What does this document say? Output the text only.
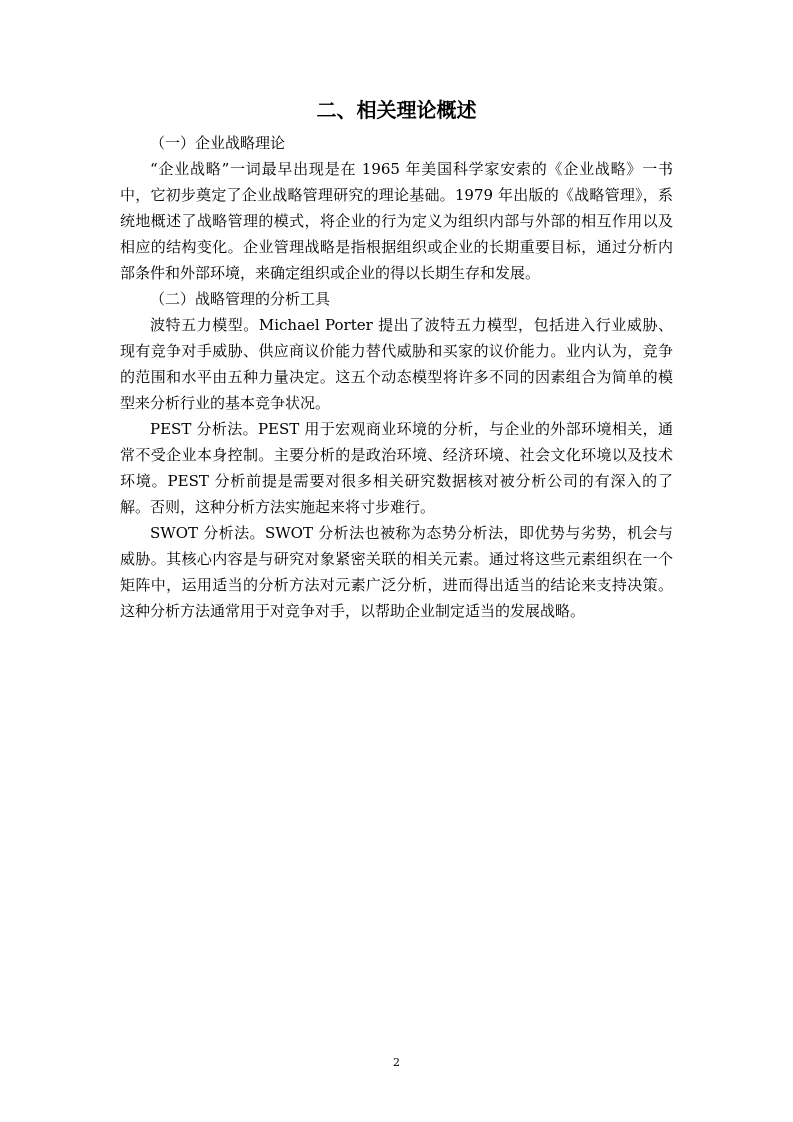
二、相关理论概述
（一）企业战略理论

“企业战略”一词最早出现是在 1965 年美国科学家安索的《企业战略》一书中，它初步奠定了企业战略管理研究的理论基础。1979 年出版的《战略管理》，系统地概述了战略管理的模式，将企业的行为定义为组织内部与外部的相互作用以及相应的结构变化。企业管理战略是指根据组织或企业的长期重要目标，通过分析内部条件和外部环境，来确定组织或企业的得以长期生存和发展。

（二）战略管理的分析工具

波特五力模型。Michael Porter 提出了波特五力模型，包括进入行业威胁、现有竞争对手威胁、供应商议价能力替代威胁和买家的议价能力。业内认为，竞争的范围和水平由五种力量决定。这五个动态模型将许多不同的因素组合为简单的模型来分析行业的基本竞争状况。

PEST 分析法。PEST 用于宏观商业环境的分析，与企业的外部环境相关，通常不受企业本身控制。主要分析的是政治环境、经济环境、社会文化环境以及技术环境。PEST 分析前提是需要对很多相关研究数据核对被分析公司的有深入的了解。否则，这种分析方法实施起来将寸步难行。

SWOT 分析法。SWOT 分析法也被称为态势分析法，即优势与劣势，机会与威胁。其核心内容是与研究对象紧密关联的相关元素。通过将这些元素组织在一个矩阵中，运用适当的分析方法对元素广泛分析，进而得出适当的结论来支持决策。这种分析方法通常用于对竞争对手，以帮助企业制定适当的发展战略。

2
